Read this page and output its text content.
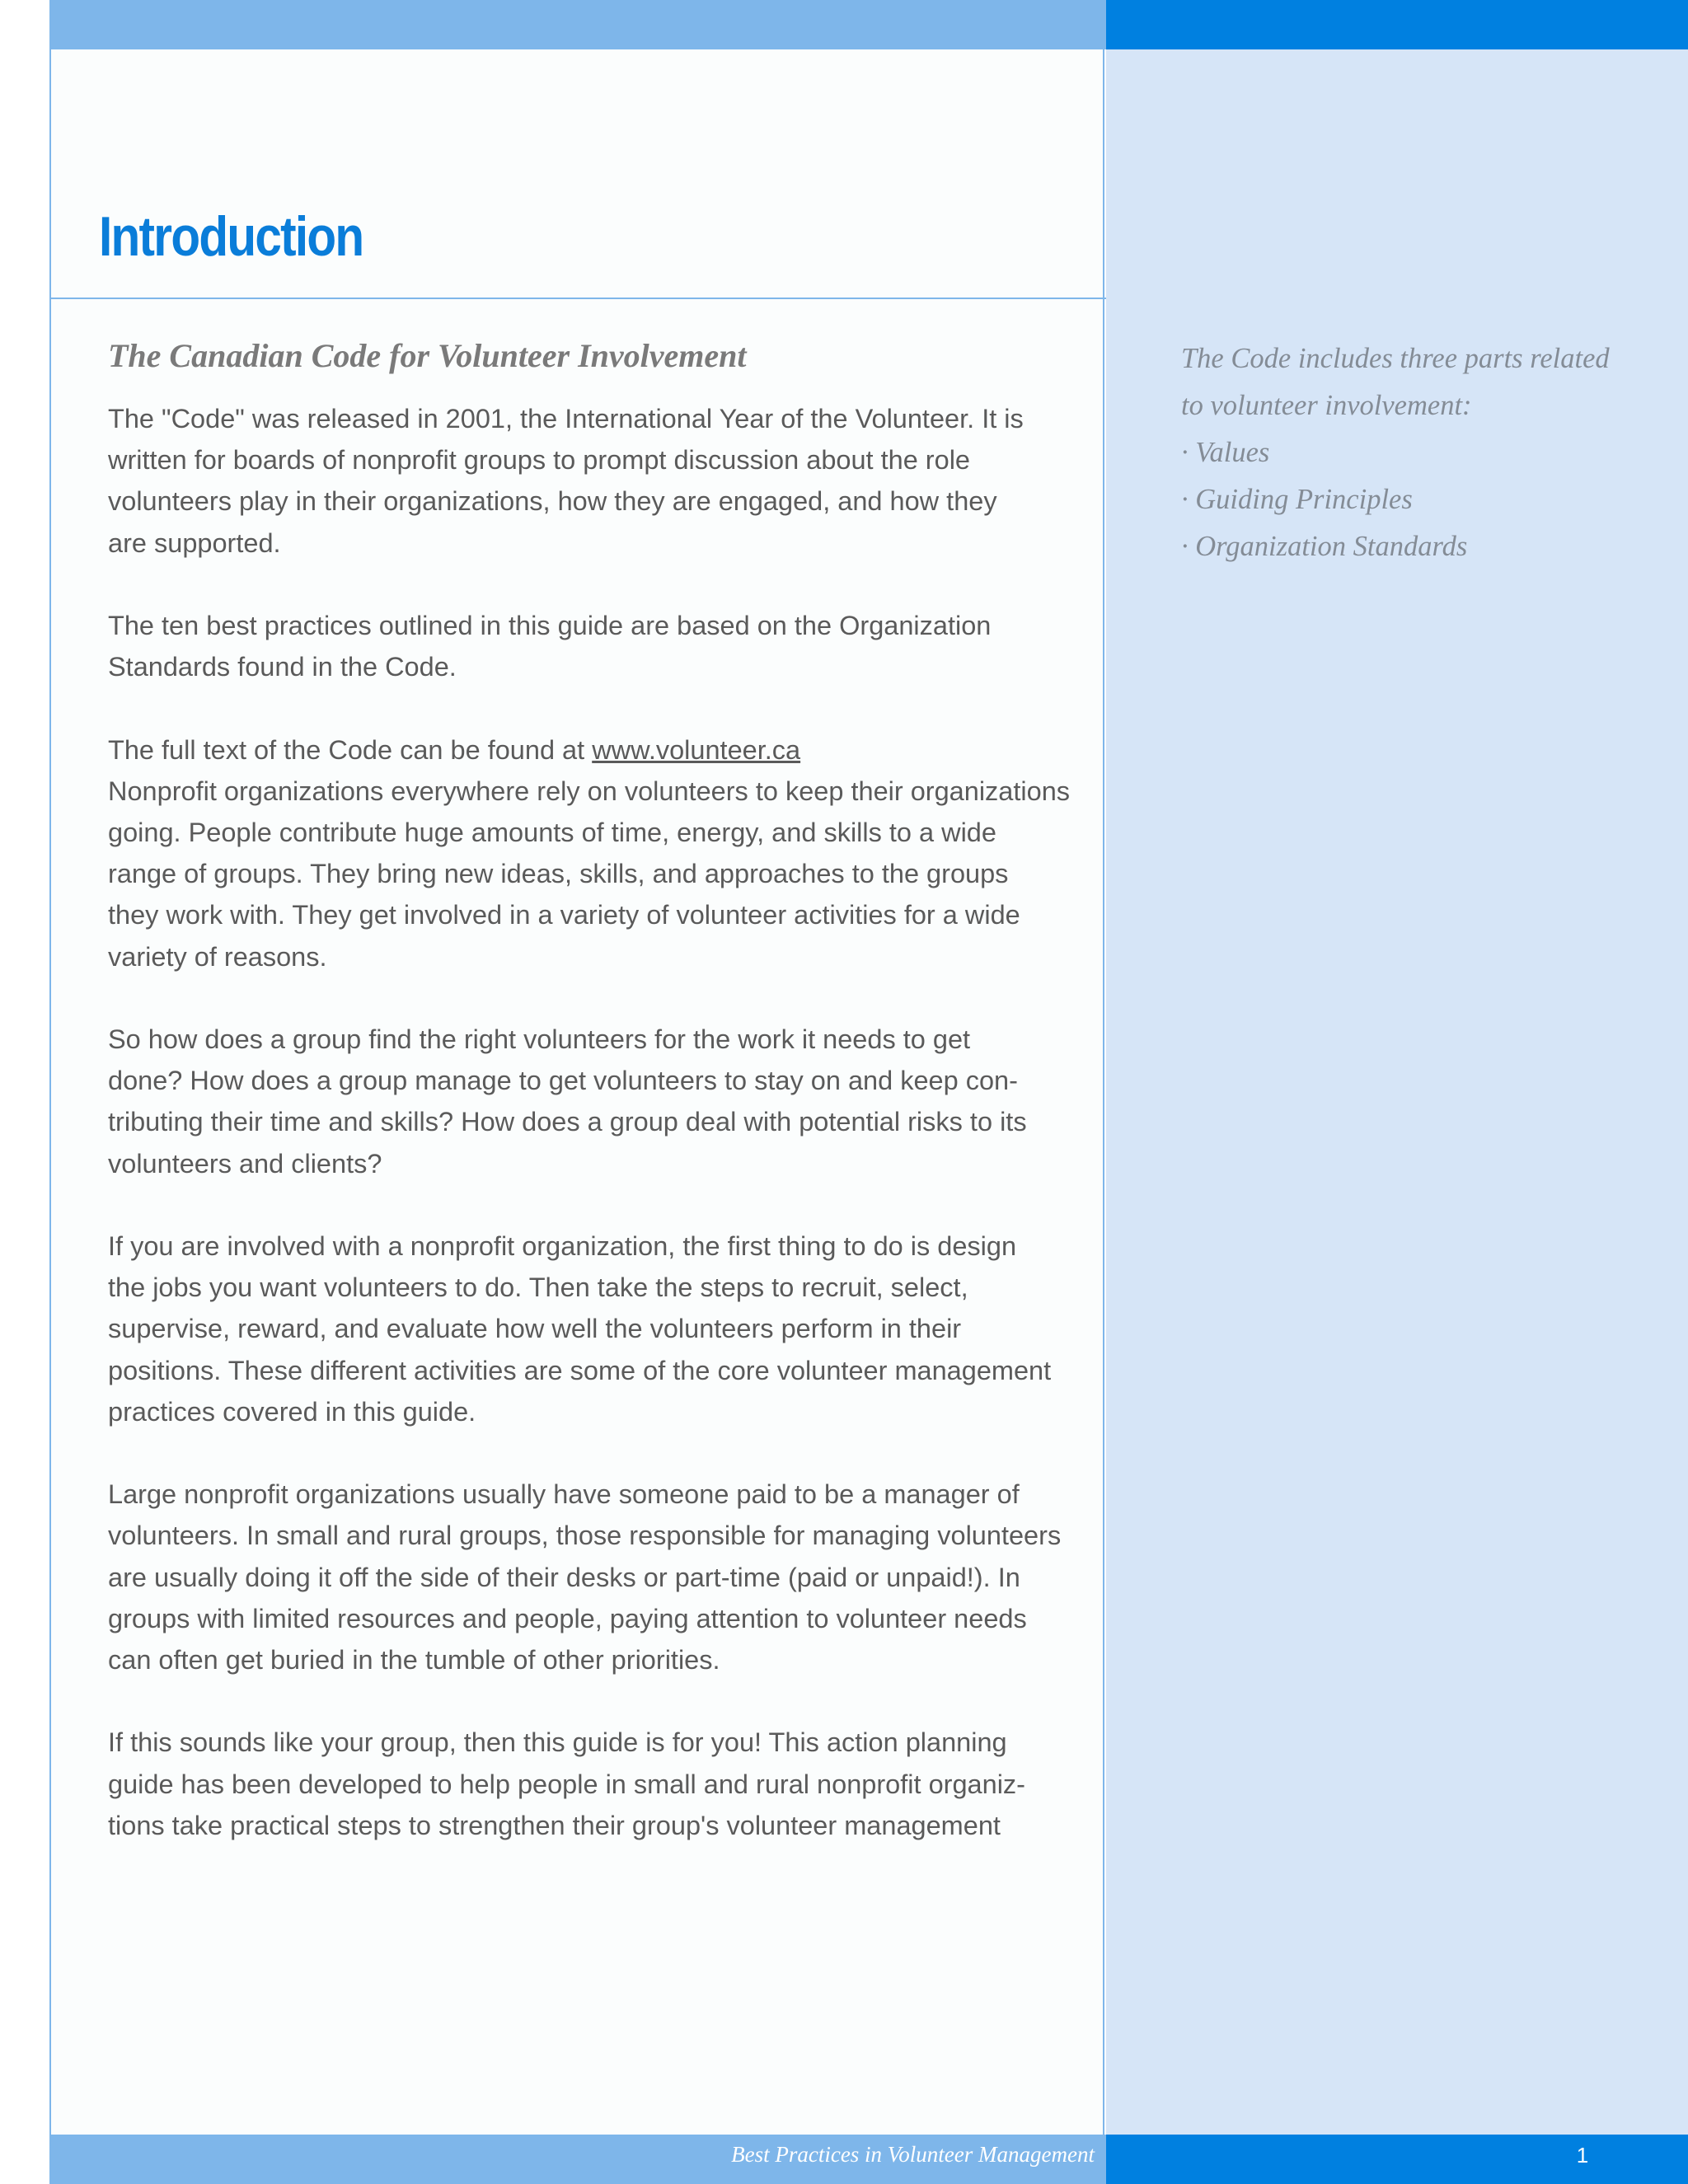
Introduction
The Canadian Code for Volunteer Involvement

The "Code" was released in 2001, the International Year of the Volunteer. It is
written for boards of nonprofit groups to prompt discussion about the role
volunteers play in their organizations, how they are engaged, and how they
are supported.

The ten best practices outlined in this guide are based on the Organization
Standards found in the Code.

The full text of the Code can be found at www.volunteer.ca
Nonprofit organizations everywhere rely on volunteers to keep their organizations
going. People contribute huge amounts of time, energy, and skills to a wide
range of groups. They bring new ideas, skills, and approaches to the groups
they work with. They get involved in a variety of volunteer activities for a wide
variety of reasons.

So how does a group find the right volunteers for the work it needs to get
done? How does a group manage to get volunteers to stay on and keep con-
tributing their time and skills? How does a group deal with potential risks to its
volunteers and clients?

If you are involved with a nonprofit organization, the first thing to do is design
the jobs you want volunteers to do. Then take the steps to recruit, select,
supervise, reward, and evaluate how well the volunteers perform in their
positions. These different activities are some of the core volunteer management
practices covered in this guide.

Large nonprofit organizations usually have someone paid to be a manager of
volunteers. In small and rural groups, those responsible for managing volunteers
are usually doing it off the side of their desks or part-time (paid or unpaid!). In
groups with limited resources and people, paying attention to volunteer needs
can often get buried in the tumble of other priorities.

If this sounds like your group, then this guide is for you! This action planning
guide has been developed to help people in small and rural nonprofit organiz-
tions take practical steps to strengthen their group's volunteer management

The Code includes three parts related
to volunteer involvement:
· Values
· Guiding Principles
· Organization Standards
Best Practices in Volunteer Management	1
